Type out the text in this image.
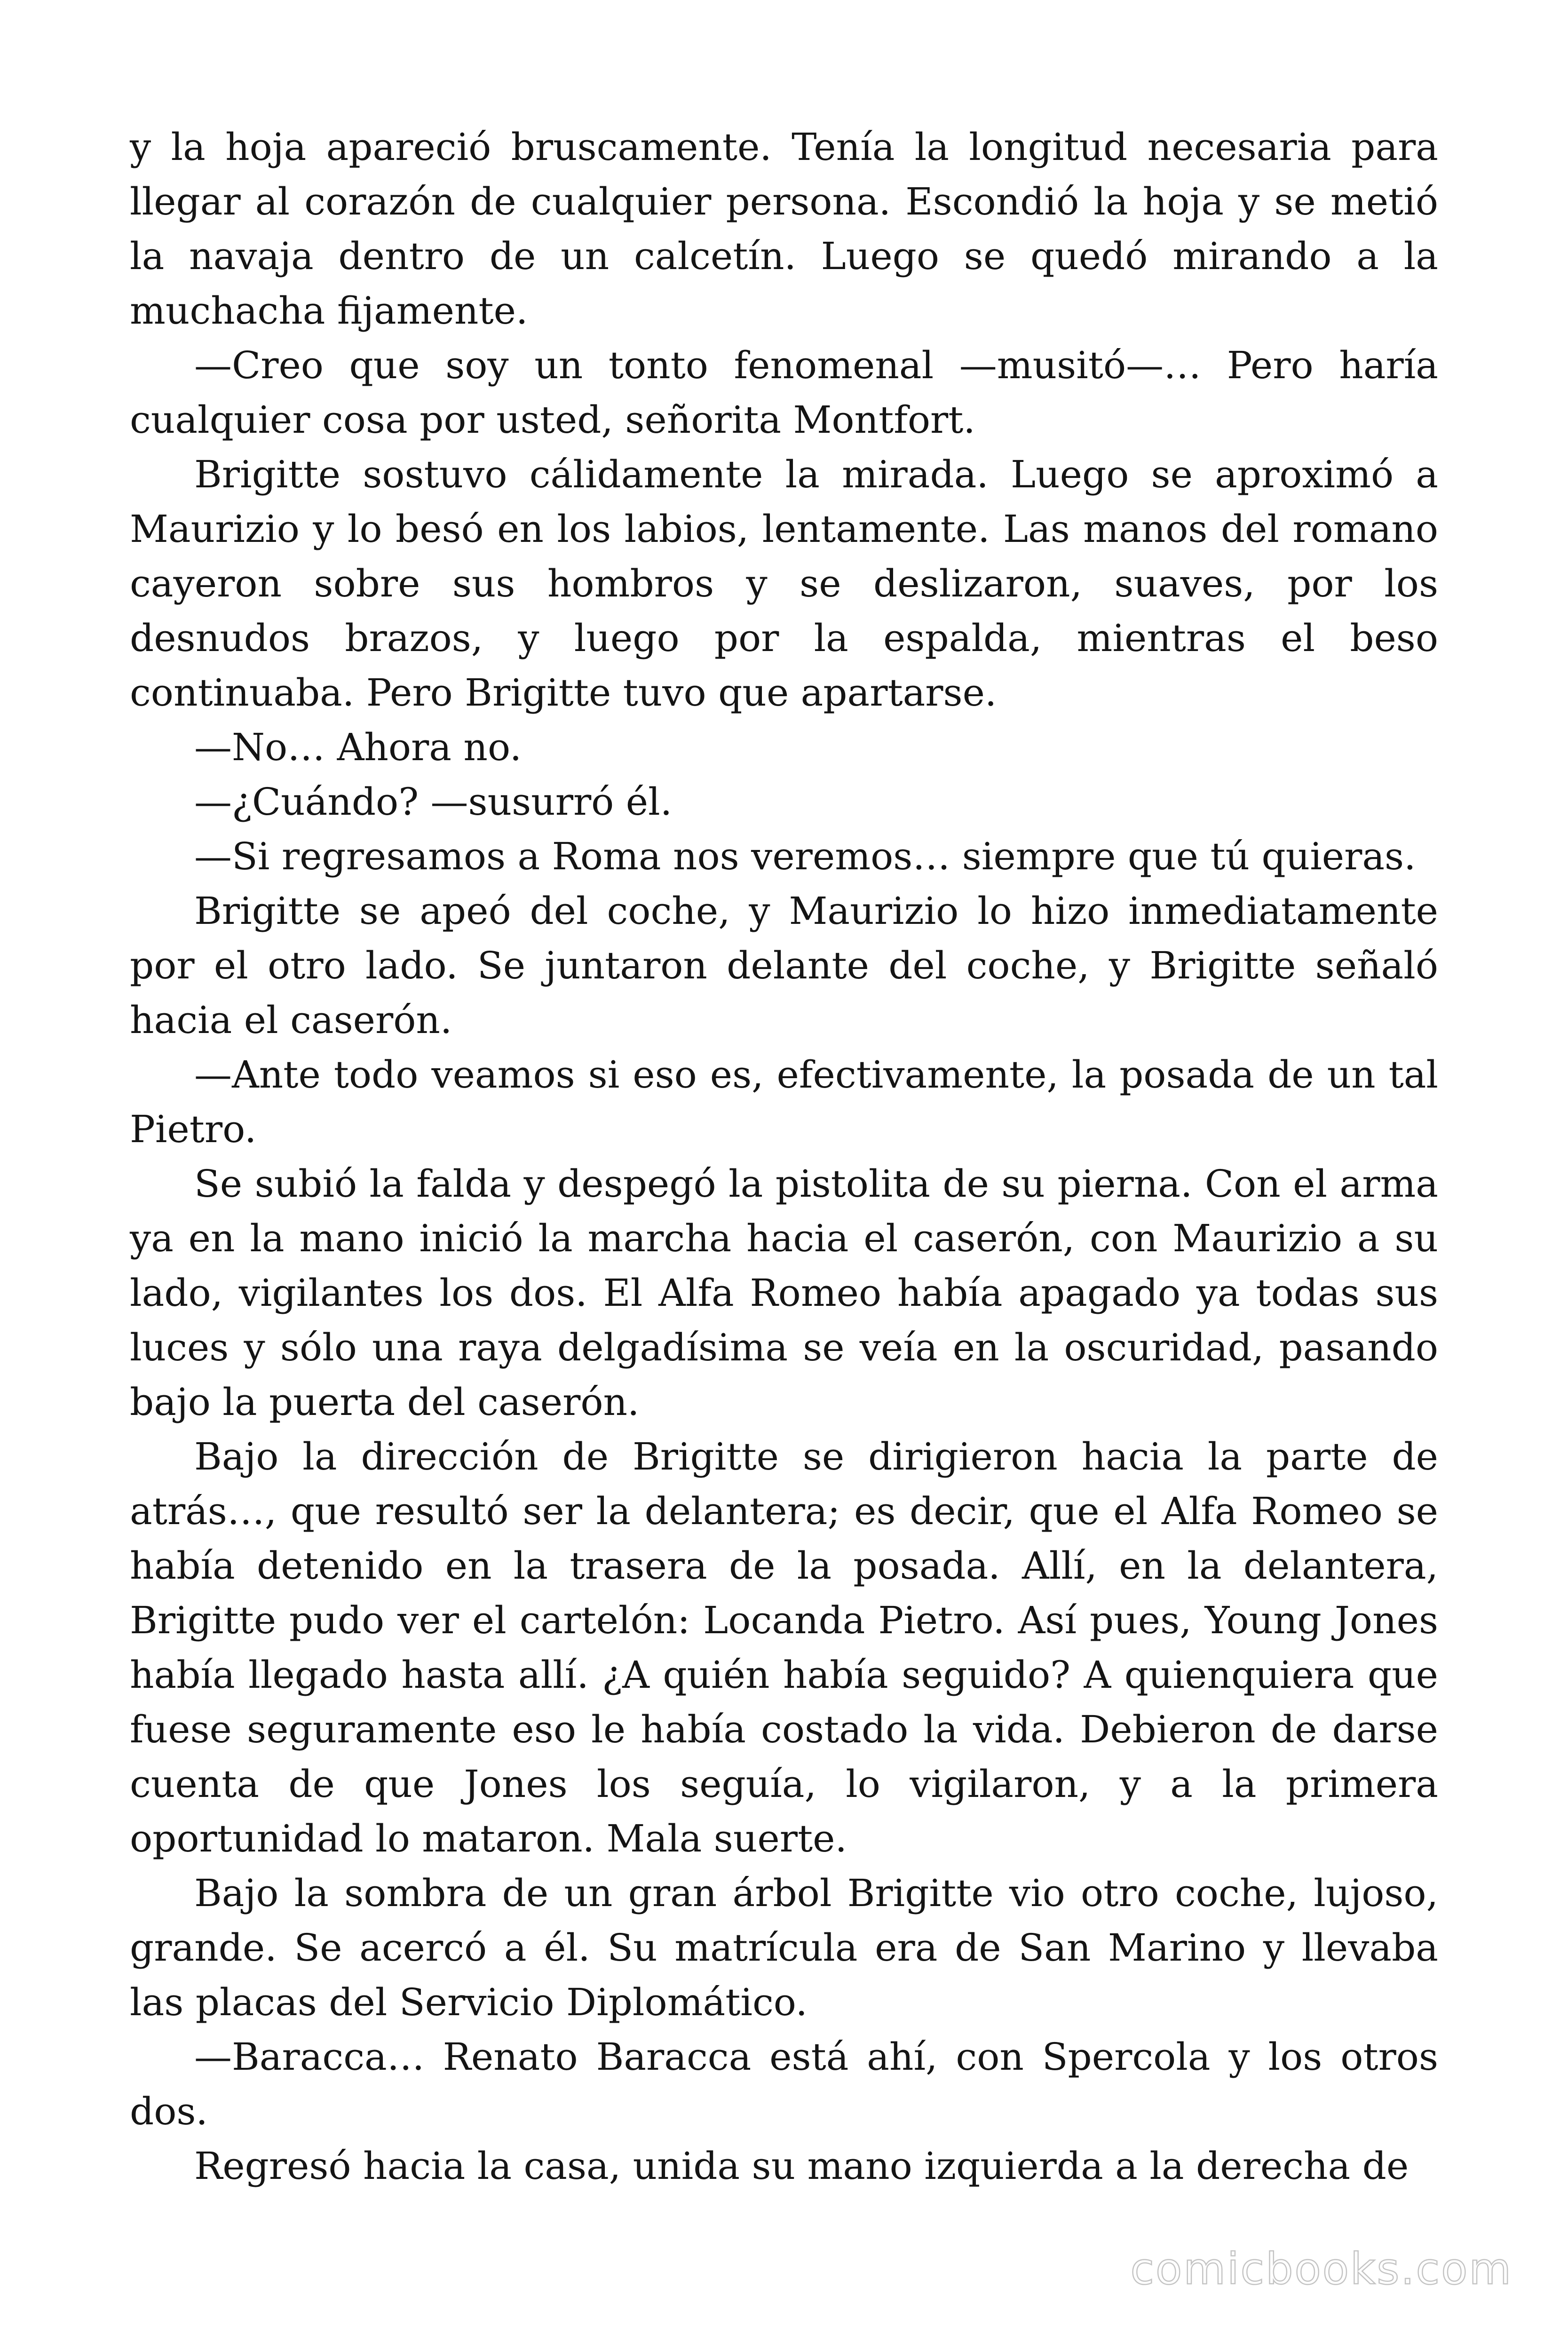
y la hoja apareció bruscamente. Tenía la longitud necesaria para llegar al corazón de cualquier persona. Escondió la hoja y se metió la navaja dentro de un calcetín. Luego se quedó mirando a la muchacha fijamente.

—Creo que soy un tonto fenomenal —musitó—… Pero haría cualquier cosa por usted, señorita Montfort.

Brigitte sostuvo cálidamente la mirada. Luego se aproximó a Maurizio y lo besó en los labios, lentamente. Las manos del romano cayeron sobre sus hombros y se deslizaron, suaves, por los desnudos brazos, y luego por la espalda, mientras el beso continuaba. Pero Brigitte tuvo que apartarse.

—No… Ahora no.

—¿Cuándo? —susurró él.

—Si regresamos a Roma nos veremos… siempre que tú quieras.

Brigitte se apeó del coche, y Maurizio lo hizo inmediatamente por el otro lado. Se juntaron delante del coche, y Brigitte señaló hacia el caserón.

—Ante todo veamos si eso es, efectivamente, la posada de un tal Pietro.

Se subió la falda y despegó la pistolita de su pierna. Con el arma ya en la mano inició la marcha hacia el caserón, con Maurizio a su lado, vigilantes los dos. El Alfa Romeo había apagado ya todas sus luces y sólo una raya delgadísima se veía en la oscuridad, pasando bajo la puerta del caserón.

Bajo la dirección de Brigitte se dirigieron hacia la parte de atrás…, que resultó ser la delantera; es decir, que el Alfa Romeo se había detenido en la trasera de la posada. Allí, en la delantera, Brigitte pudo ver el cartelón: Locanda Pietro. Así pues, Young Jones había llegado hasta allí. ¿A quién había seguido? A quienquiera que fuese seguramente eso le había costado la vida. Debieron de darse cuenta de que Jones los seguía, lo vigilaron, y a la primera oportunidad lo mataron. Mala suerte.

Bajo la sombra de un gran árbol Brigitte vio otro coche, lujoso, grande. Se acercó a él. Su matrícula era de San Marino y llevaba las placas del Servicio Diplomático.

—Baracca… Renato Baracca está ahí, con Spercola y los otros dos.

Regresó hacia la casa, unida su mano izquierda a la derecha de

comicbooks.com
